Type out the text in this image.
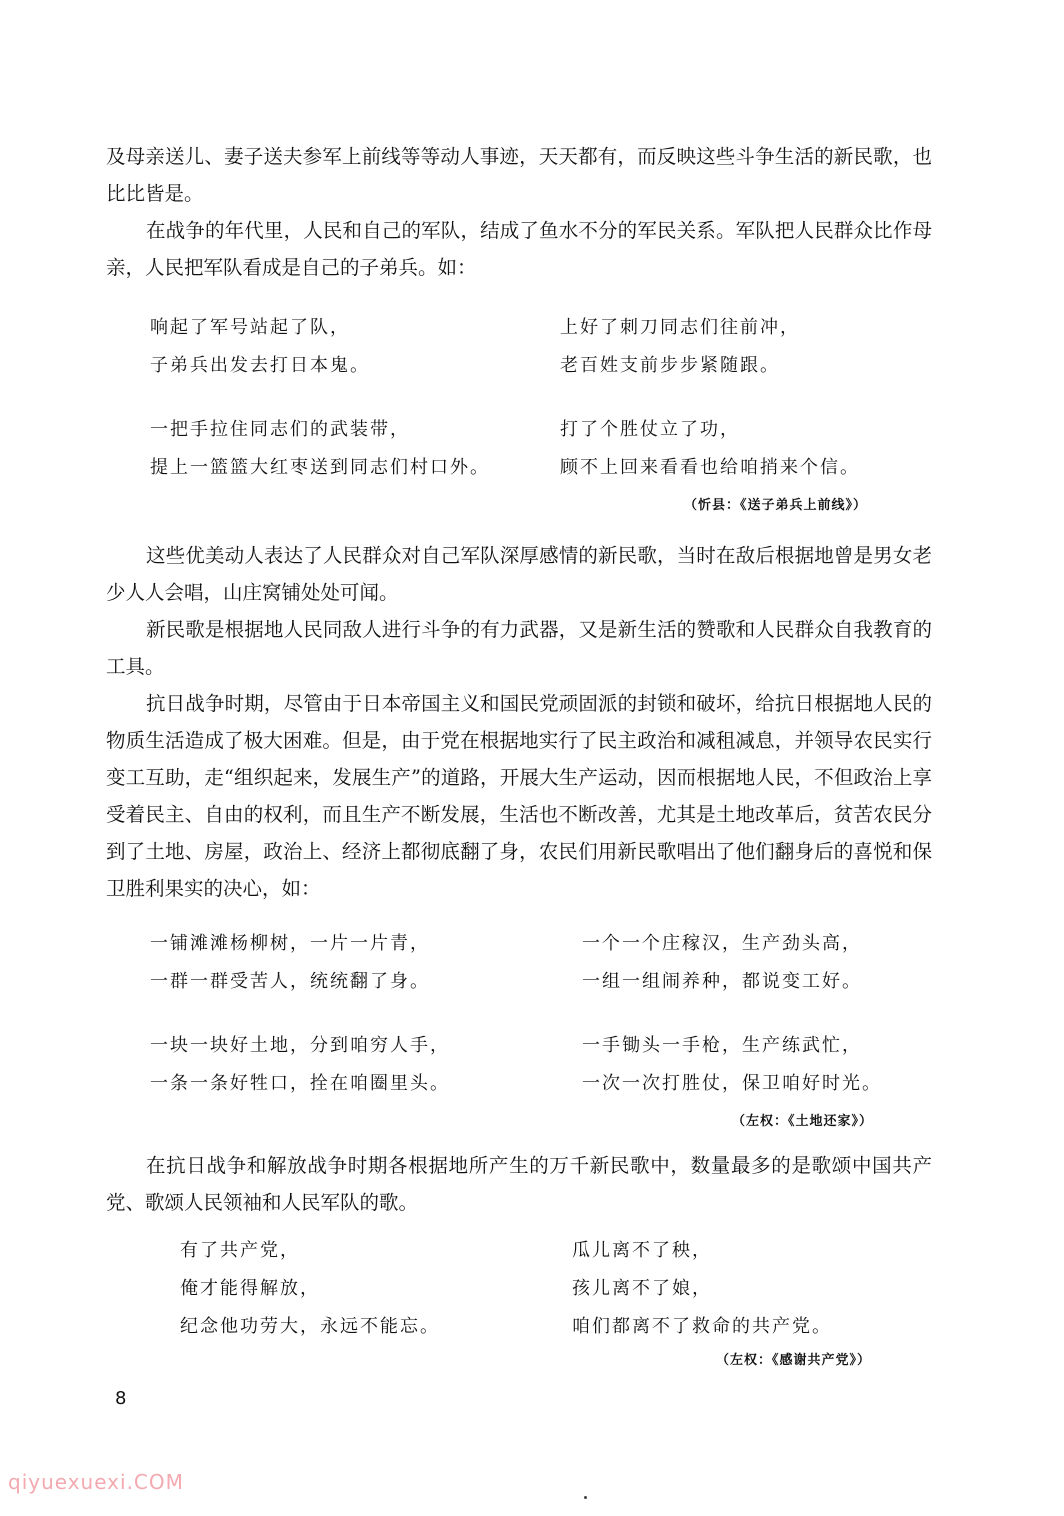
及母亲送儿、妻子送夫参军上前线等等动人事迹，天天都有，而反映这些斗争生活的新民歌，也比比皆是。

在战争的年代里，人民和自己的军队，结成了鱼水不分的军民关系。军队把人民群众比作母亲，人民把军队看成是自己的子弟兵。如：

响起了军号站起了队，
子弟兵出发去打日本鬼。
上好了刺刀同志们往前冲，
老百姓支前步步紧随跟。
一把手拉住同志们的武装带，
提上一篮篮大红枣送到同志们村口外。
打了个胜仗立了功，
顾不上回来看看也给咱捎来个信。
（忻县：《送子弟兵上前线》）

这些优美动人表达了人民群众对自己军队深厚感情的新民歌，当时在敌后根据地曾是男女老少人人会唱，山庄窝铺处处可闻。

新民歌是根据地人民同敌人进行斗争的有力武器，又是新生活的赞歌和人民群众自我教育的工具。

抗日战争时期，尽管由于日本帝国主义和国民党顽固派的封锁和破坏，给抗日根据地人民的物质生活造成了极大困难。但是，由于党在根据地实行了民主政治和减租减息，并领导农民实行变工互助，走“组织起来，发展生产”的道路，开展大生产运动，因而根据地人民，不但政治上享受着民主、自由的权利，而且生产不断发展，生活也不断改善，尤其是土地改革后，贫苦农民分到了土地、房屋，政治上、经济上都彻底翻了身，农民们用新民歌唱出了他们翻身后的喜悦和保卫胜利果实的决心，如：

一铺滩滩杨柳树，一片一片青，
一群一群受苦人，统统翻了身。
一个一个庄稼汉，生产劲头高，
一组一组闹养种，都说变工好。
一块一块好土地，分到咱穷人手，
一条一条好牲口，拴在咱圈里头。
一手锄头一手枪，生产练武忙，
一次一次打胜仗，保卫咱好时光。
（左权：《土地还家》）

在抗日战争和解放战争时期各根据地所产生的万千新民歌中，数量最多的是歌颂中国共产党、歌颂人民领袖和人民军队的歌。

有了共产党，
俺才能得解放，
纪念他功劳大，永远不能忘。
瓜儿离不了秧，
孩儿离不了娘，
咱们都离不了救命的共产党。
（左权：《感谢共产党》）
8
qiyuexuexi.COM
